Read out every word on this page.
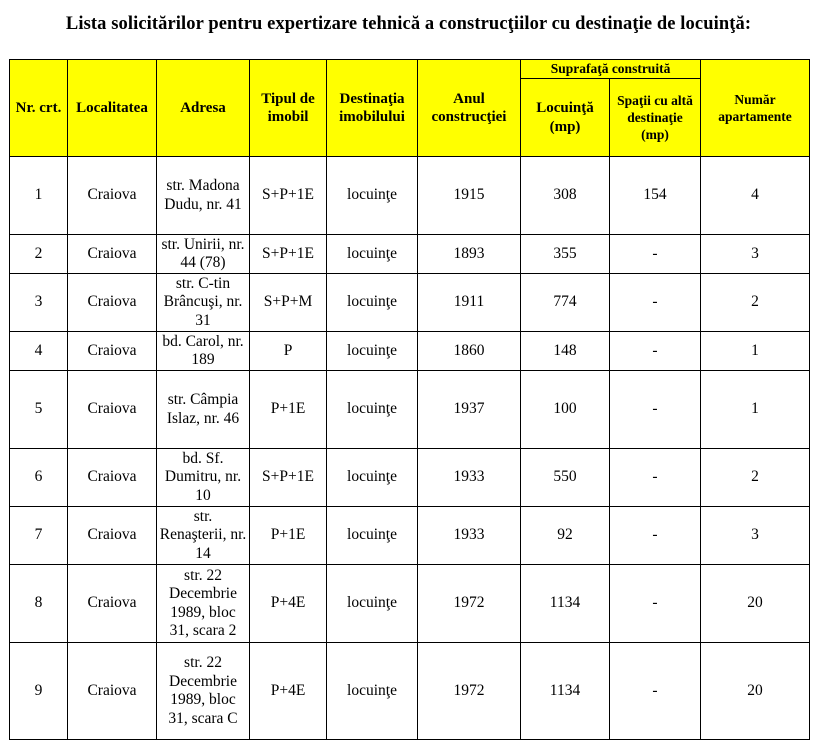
Lista solicitărilor pentru expertizare tehnică a construcţiilor cu destinaţie de locuinţă:
Nr. crt.	Localitatea	Adresa	Tipul de imobil	Destinaţia imobilului	Anul construcţiei	Suprafaţă construită		Număr apartamente
						Locuinţă (mp)	Spaţii cu altă destinaţie (mp)	
1	Craiova	str. Madona Dudu, nr. 41	S+P+1E	locuinţe	1915	308	154	4
2	Craiova	str. Unirii, nr. 44 (78)	S+P+1E	locuinţe	1893	355	-	3
3	Craiova	str. C-tin Brâncuşi, nr. 31	S+P+M	locuinţe	1911	774	-	2
4	Craiova	bd. Carol, nr. 189	P	locuinţe	1860	148	-	1
5	Craiova	str. Câmpia Islaz, nr. 46	P+1E	locuinţe	1937	100	-	1
6	Craiova	bd. Sf. Dumitru, nr. 10	S+P+1E	locuinţe	1933	550	-	2
7	Craiova	str. Renaşterii, nr. 14	P+1E	locuinţe	1933	92	-	3
8	Craiova	str. 22 Decembrie 1989, bloc 31, scara 2	P+4E	locuinţe	1972	1134	-	20
9	Craiova	str. 22 Decembrie 1989, bloc 31, scara C	P+4E	locuinţe	1972	1134	-	20
